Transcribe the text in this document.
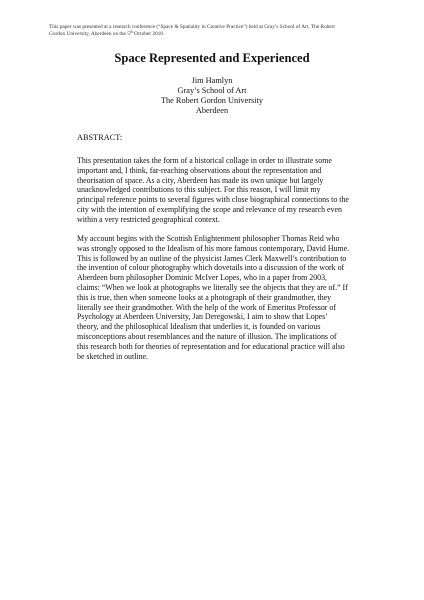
This paper was presented at a research conference (“Space & Spatiality in Creative Practice”) held at Gray’s School of Art, The Robert
Gordon University, Aberdeen on the 5th October 2018.
Space Represented and Experienced
Jim Hamlyn
Gray’s School of Art
The Robert Gordon University
Aberdeen
ABSTRACT:
This presentation takes the form of a historical collage in order to illustrate some
important and, I think, far-reaching observations about the representation and
theorisation of space. As a city, Aberdeen has made its own unique but largely
unacknowledged contributions to this subject. For this reason, I will limit my
principal reference points to several figures with close biographical connections to the
city with the intention of exemplifying the scope and relevance of my research even
within a very restricted geographical context.
My account begins with the Scottish Enlightenment philosopher Thomas Reid who
was strongly opposed to the Idealism of his more famous contemporary, David Hume.
This is followed by an outline of the physicist James Clerk Maxwell’s contribution to
the invention of colour photography which dovetails into a discussion of the work of
Aberdeen born philosopher Dominic McIver Lopes, who in a paper from 2003,
claims: “When we look at photographs we literally see the objects that they are of.” If
this is true, then when someone looks at a photograph of their grandmother, they
literally see their grandmother. With the help of the work of Emeritus Professor of
Psychology at Aberdeen University, Jan Deregowski, I aim to show that Lopes’
theory, and the philosophical Idealism that underlies it, is founded on various
misconceptions about resemblances and the nature of illusion. The implications of
this research both for theories of representation and for educational practice will also
be sketched in outline.
